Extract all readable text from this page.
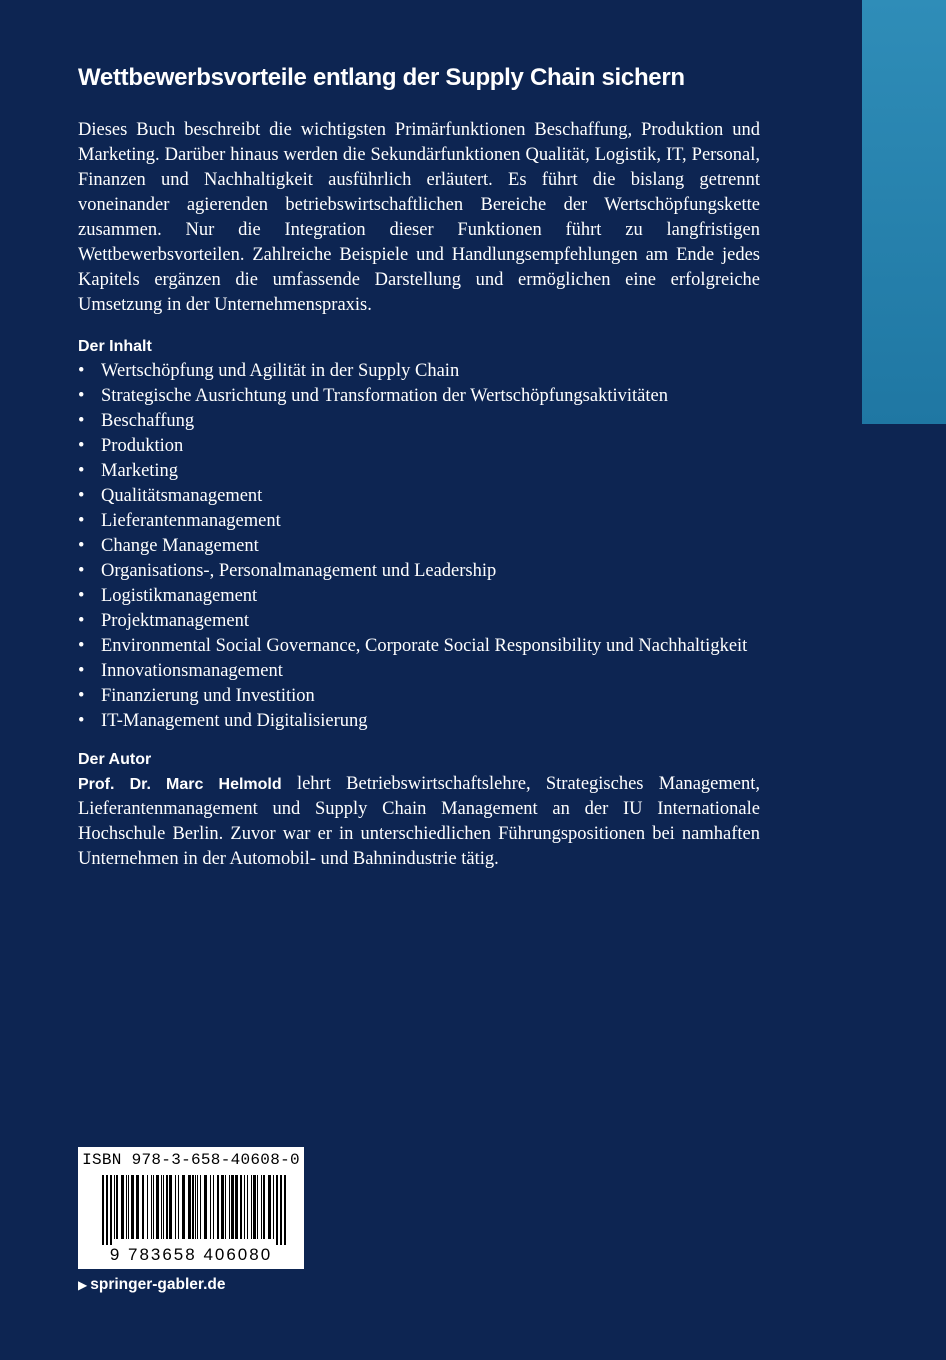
Wettbewerbsvorteile entlang der Supply Chain sichern

Dieses Buch beschreibt die wichtigsten Primärfunktionen Beschaffung, Produktion und Marketing. Darüber hinaus werden die Sekundärfunktionen Qualität, Logistik, IT, Personal, Finanzen und Nachhaltigkeit ausführlich erläutert. Es führt die bislang getrennt voneinander agierenden betriebswirtschaftlichen Bereiche der Wertschöpfungskette zusammen. Nur die Integration dieser Funktionen führt zu langfristigen Wettbewerbsvorteilen. Zahlreiche Beispiele und Handlungsempfehlungen am Ende jedes Kapitels ergänzen die umfassende Darstellung und ermöglichen eine erfolgreiche Umsetzung in der Unternehmenspraxis.

Der Inhalt
• Wertschöpfung und Agilität in der Supply Chain
• Strategische Ausrichtung und Transformation der Wertschöpfungsaktivitäten
• Beschaffung
• Produktion
• Marketing
• Qualitätsmanagement
• Lieferantenmanagement
• Change Management
• Organisations-, Personalmanagement und Leadership
• Logistikmanagement
• Projektmanagement
• Environmental Social Governance, Corporate Social Responsibility und Nachhaltigkeit
• Innovationsmanagement
• Finanzierung und Investition
• IT-Management und Digitalisierung
Der Autor

Prof. Dr. Marc Helmold lehrt Betriebswirtschaftslehre, Strategisches Management, Lieferantenmanagement und Supply Chain Management an der IU Internationale Hochschule Berlin. Zuvor war er in unterschiedlichen Führungspositionen bei namhaften Unternehmen in der Automobil- und Bahnindustrie tätig.

ISBN 978-3-658-40608-0
9 783658 406080
▶ springer-gabler.de
